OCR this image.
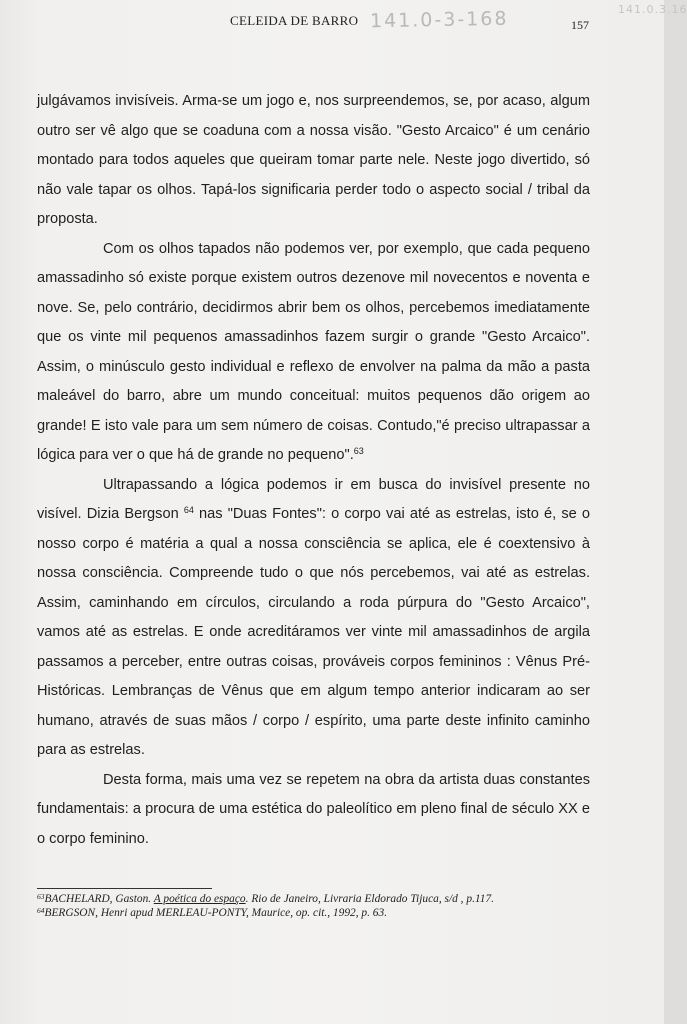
CELEIDA DE BARRO 141.0-3-168	141.0.3.16
157

julgávamos invisíveis. Arma-se um jogo e, nos surpreendemos, se, por acaso, algum outro ser vê algo que se coaduna com a nossa visão. "Gesto Arcaico" é um cenário montado para todos aqueles que queiram tomar parte nele. Neste jogo divertido, só não vale tapar os olhos. Tapá-los significaria perder todo o aspecto social / tribal da proposta.

Com os olhos tapados não podemos ver, por exemplo, que cada pequeno amassadinho só existe porque existem outros dezenove mil novecentos e noventa e nove. Se, pelo contrário, decidirmos abrir bem os olhos, percebemos imediatamente que os vinte mil pequenos amassadinhos fazem surgir o grande "Gesto Arcaico". Assim, o minúsculo gesto individual e reflexo de envolver na palma da mão a pasta maleável do barro, abre um mundo conceitual: muitos pequenos dão origem ao grande! E isto vale para um sem número de coisas. Contudo,"é preciso ultrapassar a lógica para ver o que há de grande no pequeno".$^{63}$

Ultrapassando a lógica podemos ir em busca do invisível presente no visível. Dizia Bergson $^{64}$ nas "Duas Fontes": o corpo vai até as estrelas, isto é, se o nosso corpo é matéria a qual a nossa consciência se aplica, ele é coextensivo à nossa consciência. Compreende tudo o que nós percebemos, vai até as estrelas. Assim, caminhando em círculos, circulando a roda púrpura do "Gesto Arcaico", vamos até as estrelas. E onde acreditáramos ver vinte mil amassadinhos de argila passamos a perceber, entre outras coisas, prováveis corpos femininos : Vênus Pré-Históricas. Lembranças de Vênus que em algum tempo anterior indicaram ao ser humano, através de suas mãos / corpo / espírito, uma parte deste infinito caminho para as estrelas.

Desta forma, mais uma vez se repetem na obra da artista duas constantes fundamentais: a procura de uma estética do paleolítico em pleno final de século XX e o corpo feminino.

$^{63}$BACHELARD, Gaston. A poética do espaço. Rio de Janeiro, Livraria Eldorado Tijuca, s/d , p.117.

$^{64}$BERGSON, Henri apud MERLEAU-PONTY, Maurice, op. cit., 1992, p. 63.
